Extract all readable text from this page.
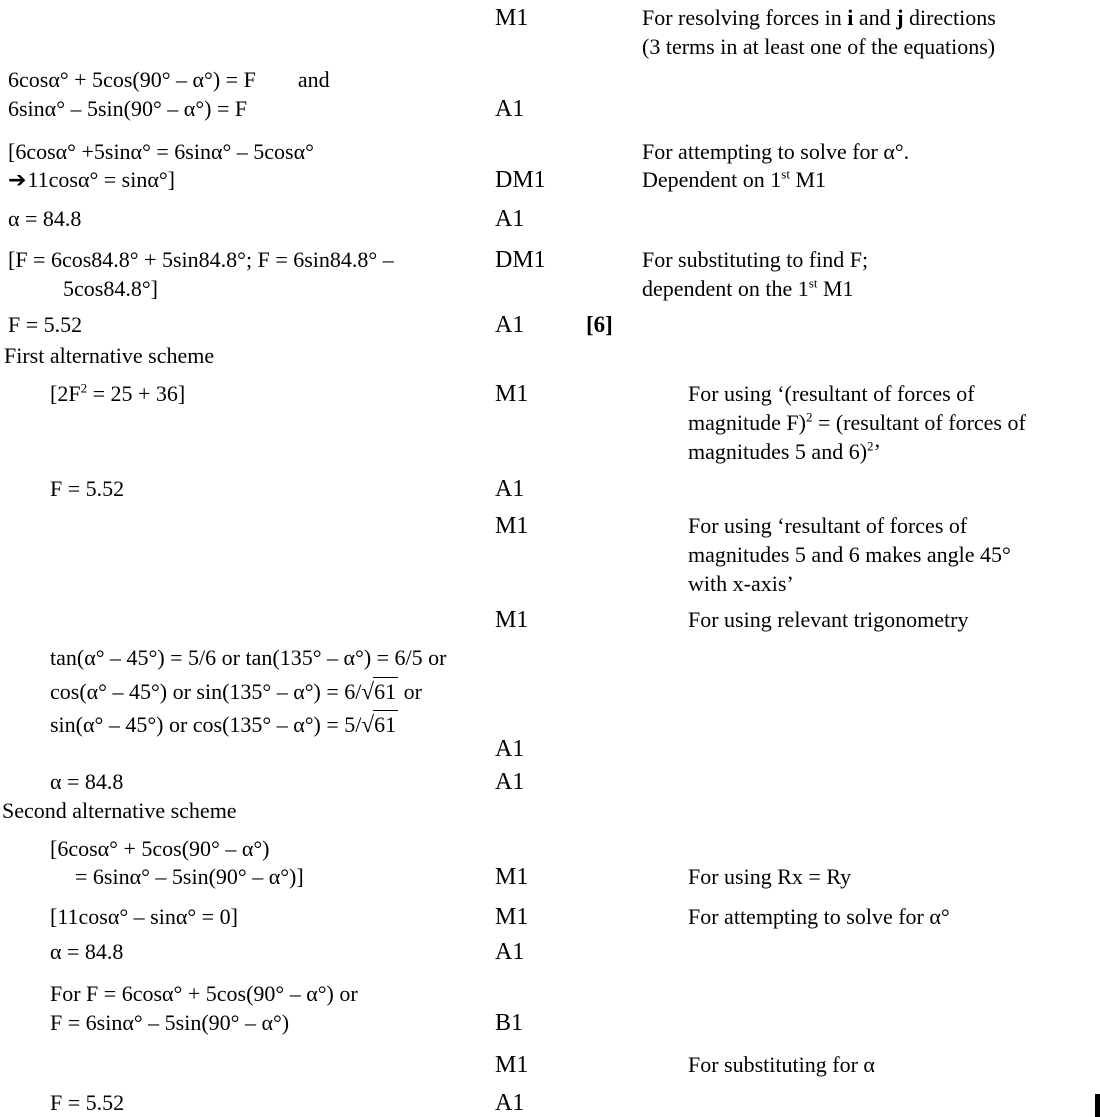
M1	For resolving forces in i and j directions
(3 terms in at least one of the equations)
6cosα° + 5cos(90° – α°) = F and
6sinα° – 5sin(90° – α°) = F	A1
[6cosα° +5sinα° = 6sinα° – 5cosα°	For attempting to solve for α°.
➔11cosα° = sinα°]	DM1	Dependent on 1st M1
α = 84.8	A1
[F = 6cos84.8° + 5sin84.8°; F = 6sin84.8° –	DM1	For substituting to find F;
5cos84.8°]	dependent on the 1st M1
F = 5.52	A1	[6]
First alternative scheme
$[2F^2 = 25 + 36]$	M1	For using ‘(resultant of forces of
magnitude F)$^2$ = (resultant of forces of
magnitudes 5 and 6)$^2$’
F = 5.52	A1
M1	For using ‘resultant of forces of
magnitudes 5 and 6 makes angle 45°
with x-axis’
M1	For using relevant trigonometry
tan(α° – 45°) = 5/6 or tan(135° – α°) = 6/5 or
cos(α° – 45°) or sin(135° – α°) = 6/√61 or
sin(α° – 45°) or cos(135° – α°) = 5/√61
A1
α = 84.8	A1
Second alternative scheme
[6cosα° + 5cos(90° – α°)
= 6sinα° – 5sin(90° – α°)]	M1	For using Rx = Ry
[11cosα° – sinα° = 0]	M1	For attempting to solve for α°
α = 84.8	A1
For F = 6cosα° + 5cos(90° – α°) or
F = 6sinα° – 5sin(90° – α°)	B1
M1	For substituting for α
F = 5.52	A1
